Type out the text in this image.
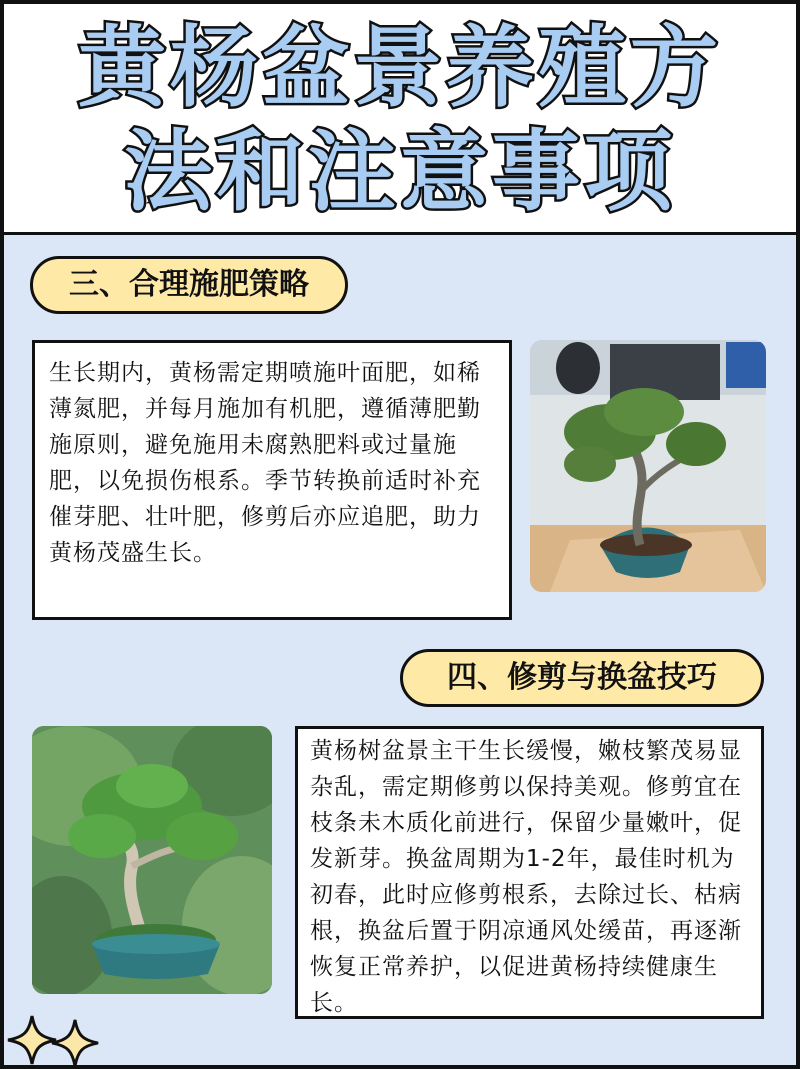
黄杨盆景养殖方
法和注意事项
三、合理施肥策略
生长期内，黄杨需定期喷施叶面肥，如稀薄氮肥，并每月施加有机肥，遵循薄肥勤施原则，避免施用未腐熟肥料或过量施肥，以免损伤根系。季节转换前适时补充催芽肥、壮叶肥，修剪后亦应追肥，助力黄杨茂盛生长。
四、修剪与换盆技巧
黄杨树盆景主干生长缓慢，嫩枝繁茂易显杂乱，需定期修剪以保持美观。修剪宜在枝条未木质化前进行，保留少量嫩叶，促发新芽。换盆周期为1-2年，最佳时机为初春，此时应修剪根系，去除过长、枯病根，换盆后置于阴凉通风处缓苗，再逐渐恢复正常养护，以促进黄杨持续健康生长。
